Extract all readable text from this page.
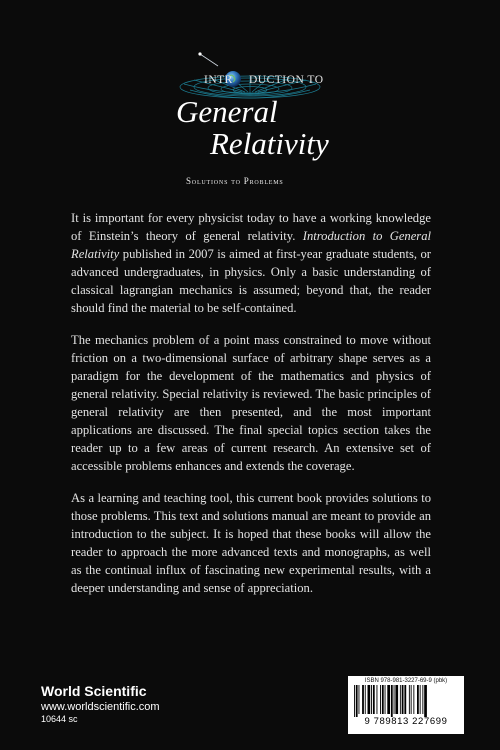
INTR DUCTION TO
General
Relativity
Solutions to Problems

It is important for every physicist today to have a working knowledge of Einstein’s theory of general relativity. Introduction to General Relativity published in 2007 is aimed at first-year graduate students, or advanced undergraduates, in physics. Only a basic understanding of classical lagrangian mechanics is assumed; beyond that, the reader should find the material to be self-contained.

The mechanics problem of a point mass constrained to move without friction on a two-dimensional surface of arbitrary shape serves as a paradigm for the development of the mathematics and physics of general relativity. Special relativity is reviewed. The basic principles of general relativity are then presented, and the most important applications are discussed. The final special topics section takes the reader up to a few areas of current research. An extensive set of accessible problems enhances and extends the coverage.

As a learning and teaching tool, this current book provides solutions to those problems. This text and solutions manual are meant to provide an introduction to the subject. It is hoped that these books will allow the reader to approach the more advanced texts and monographs, as well as the continual influx of fascinating new experimental results, with a deeper understanding and sense of appreciation.

World Scientific
www.worldscientific.com
10644 sc
ISBN 978-981-3227-69-9 (pbk)
9 789813 227699
